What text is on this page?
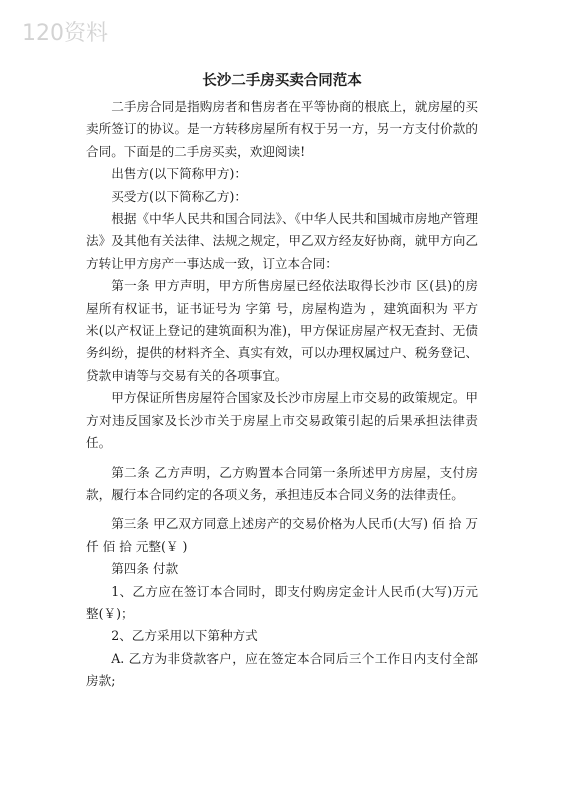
120资料
长沙二手房买卖合同范本

二手房合同是指购房者和售房者在平等协商的根底上，就房屋的买卖所签订的协议。是一方转移房屋所有权于另一方，另一方支付价款的合同。下面是的二手房买卖，欢迎阅读!

出售方(以下简称甲方)：

买受方(以下简称乙方)：

根据《中华人民共和国合同法》、《中华人民共和国城市房地产管理法》及其他有关法律、法规之规定，甲乙双方经友好协商，就甲方向乙方转让甲方房产一事达成一致，订立本合同：

第一条 甲方声明，甲方所售房屋已经依法取得长沙市 区(县)的房屋所有权证书，证书证号为 字第 号，房屋构造为 ，建筑面积为 平方米(以产权证上登记的建筑面积为准)，甲方保证房屋产权无查封、无债务纠纷，提供的材料齐全、真实有效，可以办理权属过户、税务登记、贷款申请等与交易有关的各项事宜。

甲方保证所售房屋符合国家及长沙市房屋上市交易的政策规定。甲方对违反国家及长沙市关于房屋上市交易政策引起的后果承担法律责任。

第二条 乙方声明，乙方购置本合同第一条所述甲方房屋，支付房款，履行本合同约定的各项义务，承担违反本合同义务的法律责任。

第三条 甲乙双方同意上述房产的交易价格为人民币(大写) 佰 拾 万 仟 佰 拾 元整(￥ )

第四条 付款

1、乙方应在签订本合同时，即支付购房定金计人民币(大写)万元整(￥)；

2、乙方采用以下第种方式

A. 乙方为非贷款客户，应在签定本合同后三个工作日内支付全部房款;
